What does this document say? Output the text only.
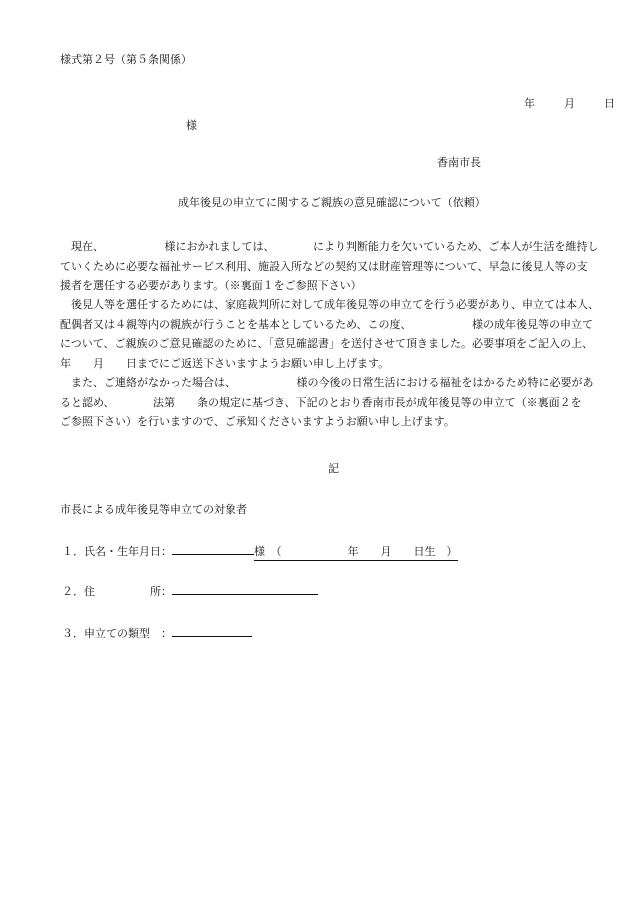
様式第２号（第５条関係）
年	月	日
様
香南市長
成年後見の申立てに関するご親族の意見確認について（依頼）
　現在、　　　　　　様におかれましては、　　　　により判断能力を欠いているため、ご本人が生活を維持し
ていくために必要な福祉サービス利用、施設入所などの契約又は財産管理等について、早急に後見人等の支
援者を選任する必要があります。（※裏面１をご参照下さい）
　後見人等を選任するためには、家庭裁判所に対して成年後見等の申立てを行う必要があり、申立ては本人、
配偶者又は４親等内の親族が行うことを基本としているため、この度、　　　　　　様の成年後見等の申立て
について、ご親族のご意見確認のために、「意見確認書」を送付させて頂きました。必要事項をご記入の上、
年　　月　　日までにご返送下さいますようお願い申し上げます。
　また、ご連絡がなかった場合は、　　　　　　様の今後の日常生活における福祉をはかるため特に必要があ
ると認め、　　　　法第　　条の規定に基づき、下記のとおり香南市長が成年後見等の申立て（※裏面２を
ご参照下さい）を行いますので、ご承知くださいますようお願い申し上げます。
記
市長による成年後見等申立ての対象者
１．氏名・生年月日：	様　（　　　　　　年　　月　　日生　）
２．住　　　　　所：
３．申立ての類型　：
